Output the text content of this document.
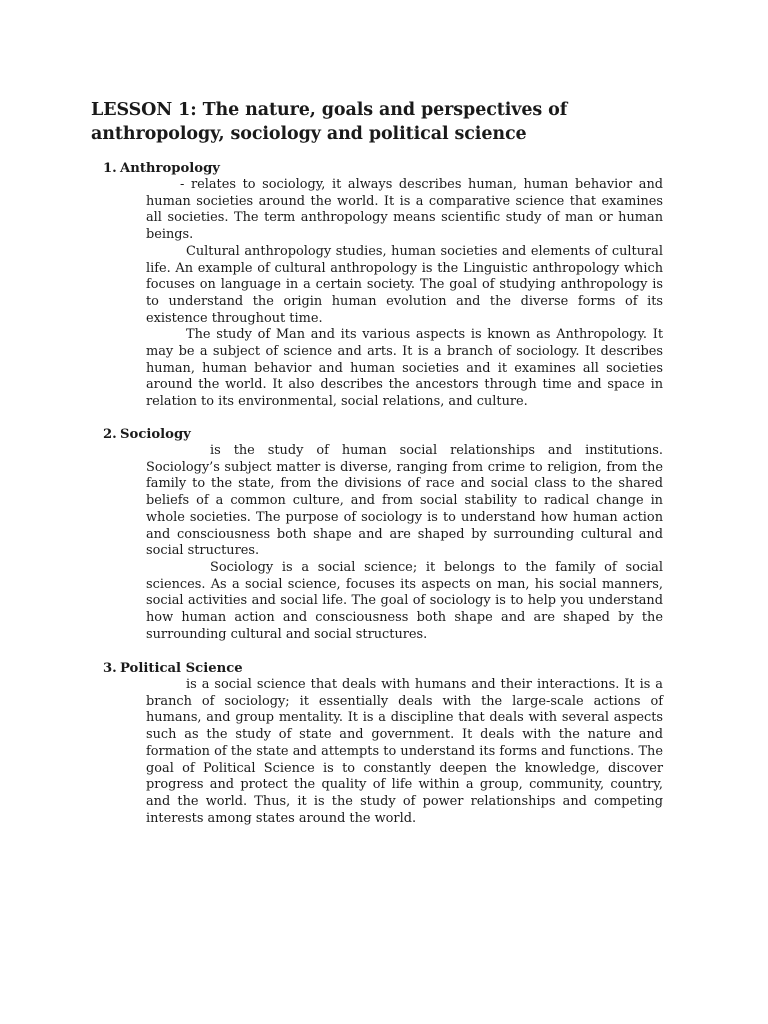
LESSON 1: The nature, goals and perspectives of anthropology, sociology and political science
1. Anthropology

- relates to sociology, it always describes human, human behavior and human societies around the world. It is a comparative science that examines all societies. The term anthropology means scientific study of man or human beings.

Cultural anthropology studies, human societies and elements of cultural life. An example of cultural anthropology is the Linguistic anthropology which focuses on language in a certain society. The goal of studying anthropology is to understand the origin human evolution and the diverse forms of its existence throughout time.

The study of Man and its various aspects is known as Anthropology. It may be a subject of science and arts. It is a branch of sociology. It describes human, human behavior and human societies and it examines all societies around the world. It also describes the ancestors through time and space in relation to its environmental, social relations, and culture.

2. Sociology

is the study of human social relationships and institutions. Sociology’s subject matter is diverse, ranging from crime to religion, from the family to the state, from the divisions of race and social class to the shared beliefs of a common culture, and from social stability to radical change in whole societies. The purpose of sociology is to understand how human action and consciousness both shape and are shaped by surrounding cultural and social structures.

Sociology is a social science; it belongs to the family of social sciences. As a social science, focuses its aspects on man, his social manners, social activities and social life. The goal of sociology is to help you understand how human action and consciousness both shape and are shaped by the surrounding cultural and social structures.

3. Political Science

is a social science that deals with humans and their interactions. It is a branch of sociology; it essentially deals with the large-scale actions of humans, and group mentality. It is a discipline that deals with several aspects such as the study of state and government. It deals with the nature and formation of the state and attempts to understand its forms and functions. The goal of Political Science is to constantly deepen the knowledge, discover progress and protect the quality of life within a group, community, country, and the world. Thus, it is the study of power relationships and competing interests among states around the world.
